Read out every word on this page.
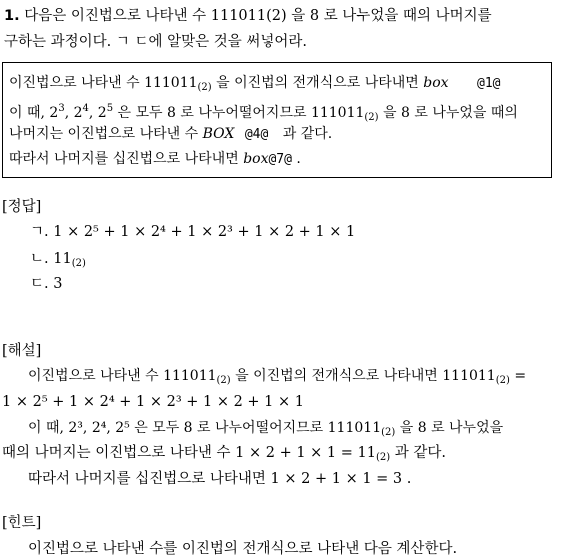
1. 다음은 이진법으로 나타낸 수 111011(2) 을 8 로 나누었을 때의 나머지를
구하는 과정이다. ㄱ ㄷ에 알맞은 것을 써넣어라.
이진법으로 나타낸 수 $111011_{(2)}$ 을 이진법의 전개식으로 나타내면 box @1@
이 때, $2^3$, $2^4$, $2^5$ 은 모두 8 로 나누어떨어지므로 $111011_{(2)}$ 을 8 로 나누었을 때의
나머지는 이진법으로 나타낸 수 BOX @4@ 과 같다.
따라서 나머지를 십진법으로 나타내면 box@7@ .
[정답]
ㄱ. 1 × 2⁵ + 1 × 2⁴ + 1 × 2³ + 1 × 2 + 1 × 1
ㄴ. $11_{(2)}$
ㄷ. 3
[해설]
이진법으로 나타낸 수 $111011_{(2)}$ 을 이진법의 전개식으로 나타내면 $111011_{(2)}$ =
1 × 2⁵ + 1 × 2⁴ + 1 × 2³ + 1 × 2 + 1 × 1
이 때, 2³, 2⁴, 2⁵ 은 모두 8 로 나누어떨어지므로 $111011_{(2)}$ 을 8 로 나누었을
때의 나머지는 이진법으로 나타낸 수 $1 \times 2 + 1 \times 1 = 11_{(2)}$ 과 같다.
따라서 나머지를 십진법으로 나타내면 1 × 2 + 1 × 1 = 3 .
[힌트]
이진법으로 나타낸 수를 이진법의 전개식으로 나타낸 다음 계산한다.
